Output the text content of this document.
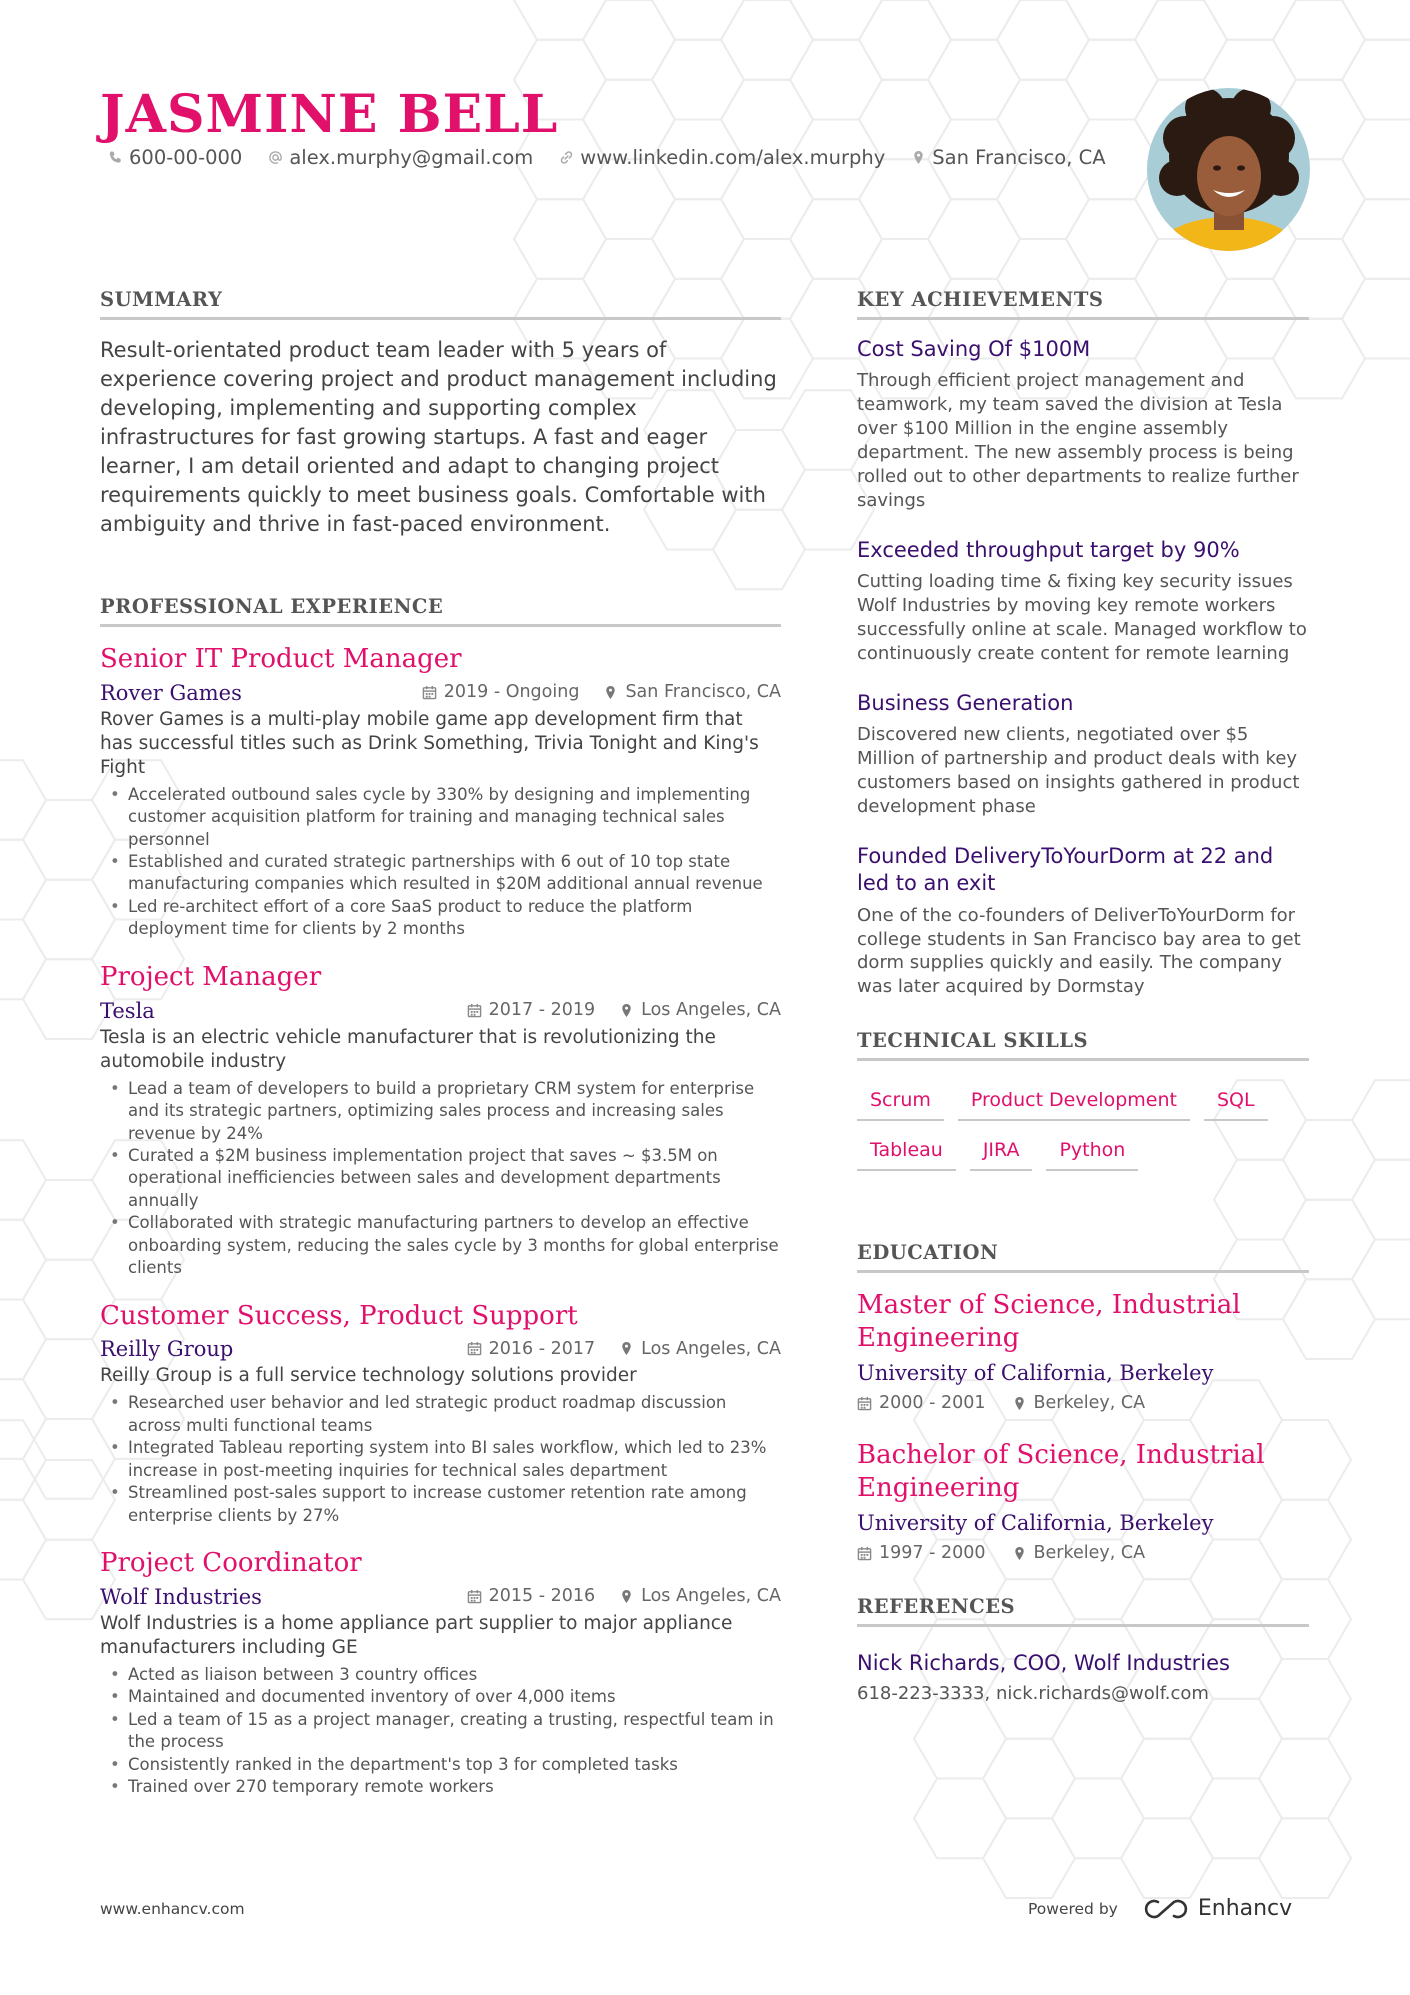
JASMINE BELL
600-00-000 alex.murphy@gmail.com www.linkedin.com/alex.murphy San Francisco, CA
SUMMARY

Result-orientated product team leader with 5 years of experience covering project and product management including developing, implementing and supporting complex infrastructures for fast growing startups. A fast and eager learner, I am detail oriented and adapt to changing project requirements quickly to meet business goals. Comfortable with ambiguity and thrive in fast-paced environment.

PROFESSIONAL EXPERIENCE
Senior IT Product Manager
Rover Games	2019 - Ongoing	San Francisco, CA
Rover Games is a multi-play mobile game app development firm that has successful titles such as Drink Something, Trivia Tonight and King's Fight
• Accelerated outbound sales cycle by 330% by designing and implementing customer acquisition platform for training and managing technical sales personnel
• Established and curated strategic partnerships with 6 out of 10 top state manufacturing companies which resulted in $20M additional annual revenue
• Led re-architect effort of a core SaaS product to reduce the platform deployment time for clients by 2 months
Project Manager
Tesla	2017 - 2019	Los Angeles, CA
Tesla is an electric vehicle manufacturer that is revolutionizing the automobile industry
• Lead a team of developers to build a proprietary CRM system for enterprise and its strategic partners, optimizing sales process and increasing sales revenue by 24%
• Curated a $2M business implementation project that saves ~ $3.5M on operational inefficiencies between sales and development departments annually
• Collaborated with strategic manufacturing partners to develop an effective onboarding system, reducing the sales cycle by 3 months for global enterprise clients
Customer Success, Product Support
Reilly Group	2016 - 2017	Los Angeles, CA
Reilly Group is a full service technology solutions provider
• Researched user behavior and led strategic product roadmap discussion across multi functional teams
• Integrated Tableau reporting system into BI sales workflow, which led to 23% increase in post-meeting inquiries for technical sales department
• Streamlined post-sales support to increase customer retention rate among enterprise clients by 27%
Project Coordinator
Wolf Industries	2015 - 2016	Los Angeles, CA
Wolf Industries is a home appliance part supplier to major appliance manufacturers including GE
• Acted as liaison between 3 country offices
• Maintained and documented inventory of over 4,000 items
• Led a team of 15 as a project manager, creating a trusting, respectful team in the process
• Consistently ranked in the department's top 3 for completed tasks
• Trained over 270 temporary remote workers
KEY ACHIEVEMENTS
Cost Saving Of $100M
Through efficient project management and teamwork, my team saved the division at Tesla over $100 Million in the engine assembly department. The new assembly process is being rolled out to other departments to realize further savings
Exceeded throughput target by 90%
Cutting loading time & fixing key security issues Wolf Industries by moving key remote workers successfully online at scale. Managed workflow to continuously create content for remote learning
Business Generation
Discovered new clients, negotiated over $5 Million of partnership and product deals with key customers based on insights gathered in product development phase
Founded DeliveryToYourDorm at 22 and led to an exit
One of the co-founders of DeliverToYourDorm for college students in San Francisco bay area to get dorm supplies quickly and easily. The company was later acquired by Dormstay
TECHNICAL SKILLS
Scrum	Product Development	SQL
Tableau	JIRA	Python
EDUCATION
Master of Science, Industrial Engineering
University of California, Berkeley
2000 - 2001	Berkeley, CA
Bachelor of Science, Industrial Engineering
University of California, Berkeley
1997 - 2000	Berkeley, CA
REFERENCES
Nick Richards, COO, Wolf Industries
618-223-3333, nick.richards@wolf.com
www.enhancv.com	Powered by	Enhancv
